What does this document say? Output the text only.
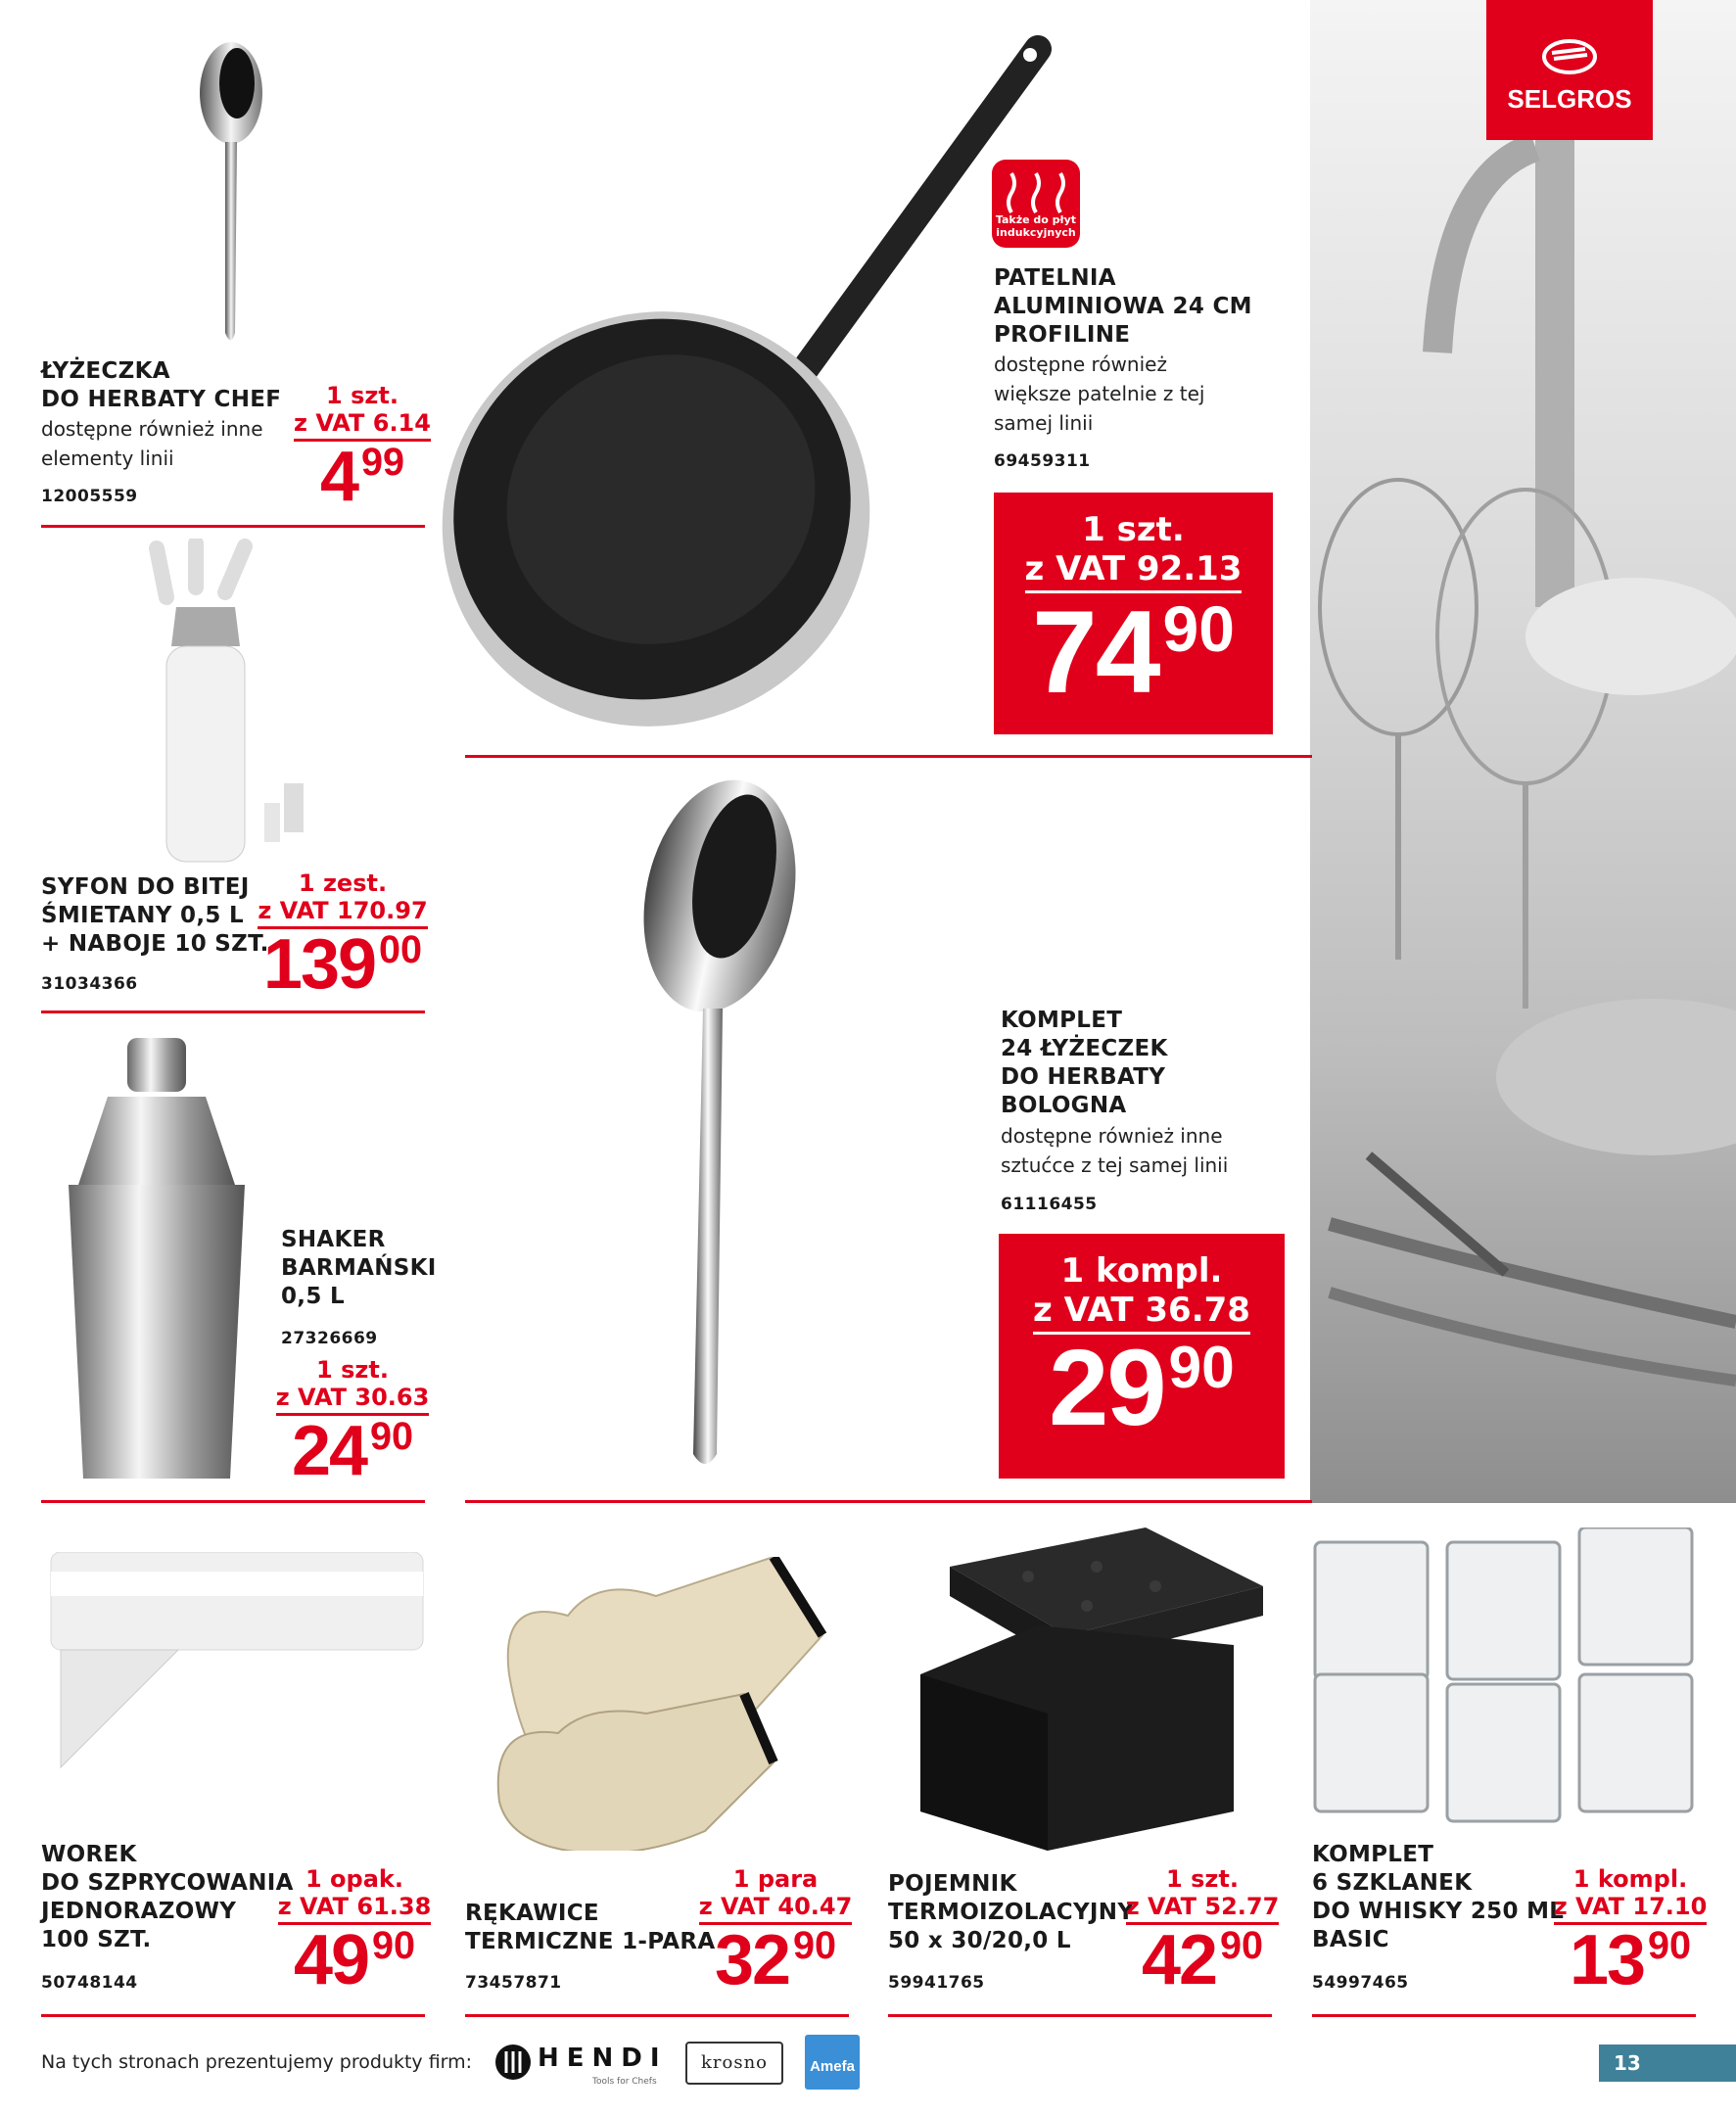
SELGROS
ŁYŻECZKA
DO HERBATY CHEF
dostępne również inne
elementy linii
12005559
1 szt.
z VAT 6.14
4 $^{99}$
Także do płyt
indukcyjnych
PATELNIA
ALUMINIOWA 24 CM
PROFILINE
dostępne również
większe patelnie z tej
samej linii
69459311
1 szt.
z VAT 92.13
$74^{90}$
SYFON DO BITEJ
ŚMIETANY 0,5 L
+ NABOJE 10 SZT.
31034366
1 zest.
z VAT 170.97
139 $^{00}$
KOMPLET
24 ŁYŻECZEK
DO HERBATY
BOLOGNA
dostępne również inne
sztućce z tej samej linii
61116455
1 kompl.
z VAT 36.78
$29^{90}$
SHAKER
BARMAŃSKI
0,5 L
27326669
1 szt.
z VAT 30.63
24 $^{90}$
WOREK
DO SZPRYCOWANIA
JEDNORAZOWY
100 SZT.
50748144
1 opak.
z VAT 61.38
49 $^{90}$
RĘKAWICE
TERMICZNE 1-PARA
73457871
1 para
z VAT 40.47
32 $^{90}$
POJEMNIK
TERMOIZOLACYJNY
50 x 30/20,0 L
59941765
1 szt.
z VAT 52.77
42 $^{90}$
KOMPLET
6 SZKLANEK
DO WHISKY 250 ML
BASIC
54997465
1 kompl.
z VAT 17.10
13 $^{90}$
Na tych stronach prezentujemy produkty firm:	HENDI
Tools for Chefs
krosno	Amefa	13
